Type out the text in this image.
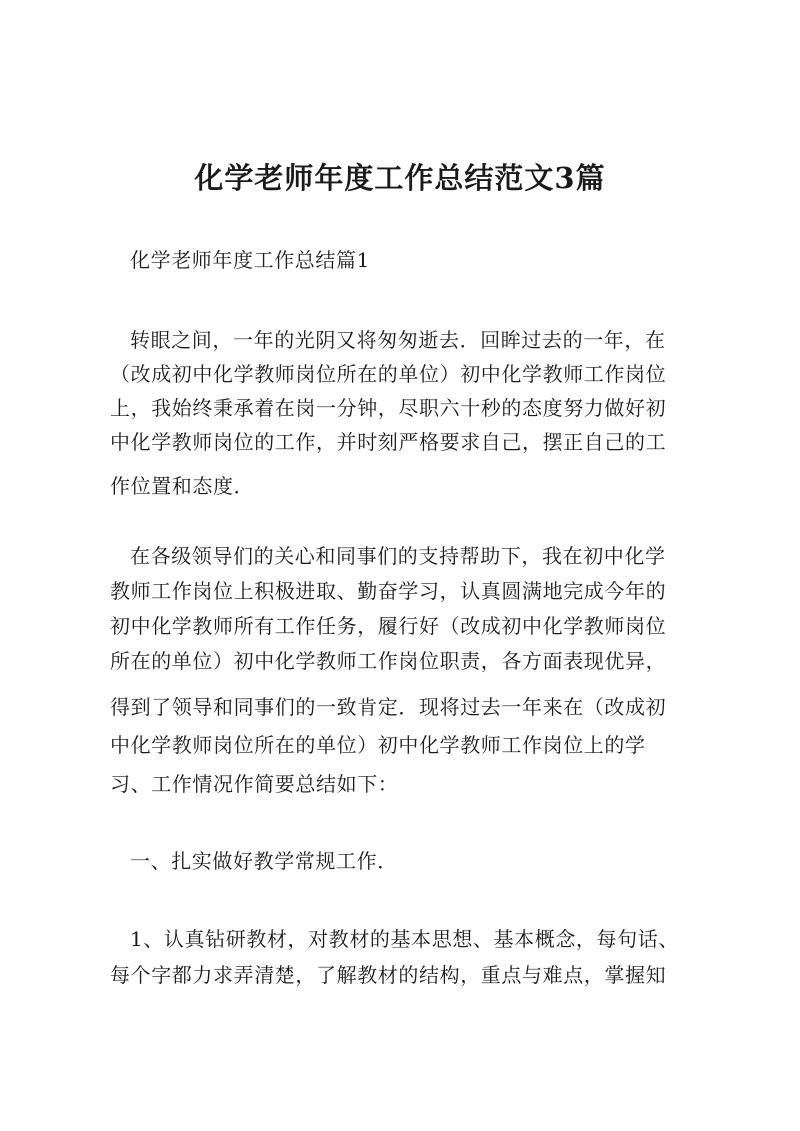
化学老师年度工作总结范文3篇
化学老师年度工作总结篇1
转眼之间，一年的光阴又将匆匆逝去．回眸过去的一年，在
（改成初中化学教师岗位所在的单位）初中化学教师工作岗位
上，我始终秉承着在岗一分钟，尽职六十秒的态度努力做好初
中化学教师岗位的工作，并时刻严格要求自己，摆正自己的工
作位置和态度．
在各级领导们的关心和同事们的支持帮助下，我在初中化学
教师工作岗位上积极进取、勤奋学习，认真圆满地完成今年的
初中化学教师所有工作任务，履行好（改成初中化学教师岗位
所在的单位）初中化学教师工作岗位职责，各方面表现优异，
得到了领导和同事们的一致肯定．现将过去一年来在（改成初
中化学教师岗位所在的单位）初中化学教师工作岗位上的学
习、工作情况作简要总结如下：
一、扎实做好教学常规工作．
1、认真钻研教材，对教材的基本思想、基本概念，每句话、
每个字都力求弄清楚，了解教材的结构，重点与难点，掌握知
